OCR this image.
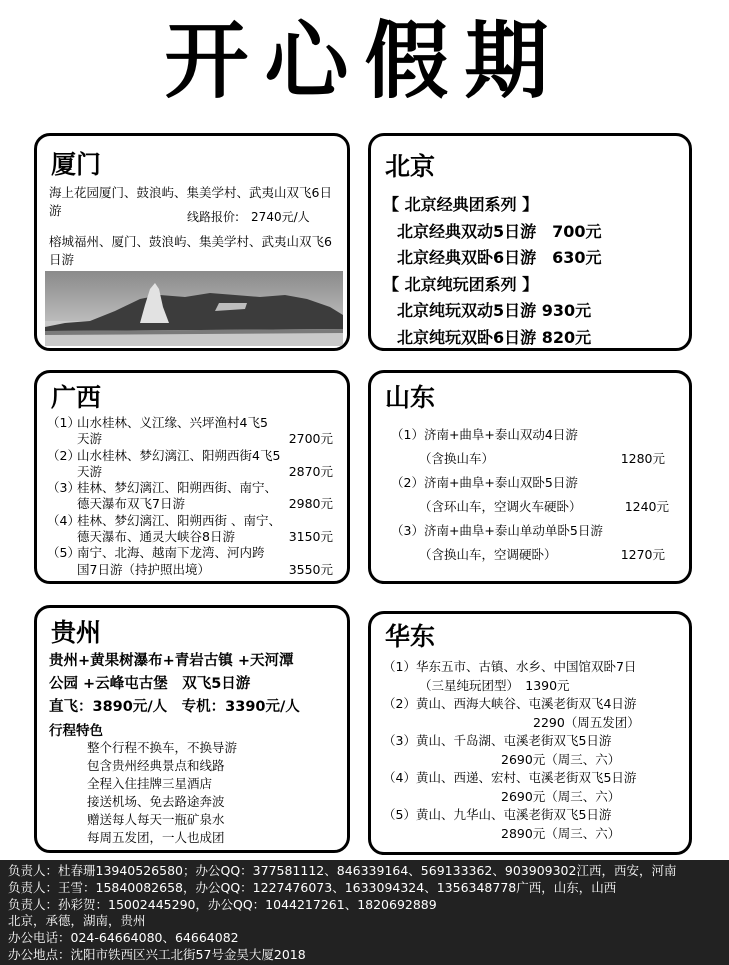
开心假期
厦门
海上花园厦门、鼓浪屿、集美学村、武夷山双飞6日游	线路报价:　2740元/人
榕城福州、厦门、鼓浪屿、集美学村、武夷山双飞6日游
北京
【 北京经典团系列 】
北京经典双动5日游　700元
北京经典双卧6日游　630元
【 北京纯玩团系列 】
北京纯玩双动5日游 930元
北京纯玩双卧6日游 820元
广西
（1）山水桂林、义江缘、兴坪渔村4飞5
天游	2700元
（2）山水桂林、梦幻漓江、阳朔西街4飞5
天游	2870元
（3）桂林、梦幻漓江、阳朔西街、南宁、
德天瀑布双飞7日游	2980元
（4）桂林、梦幻漓江、阳朔西街 、南宁、
德天瀑布、通灵大峡谷8日游	3150元
（5）南宁、北海、越南下龙湾、河内跨
国7日游（持护照出境）	3550元
山东
（1）济南+曲阜+泰山双动4日游
（含换山车）	1280元
（2）济南+曲阜+泰山双卧5日游
（含环山车，空调火车硬卧）	1240元
（3）济南+曲阜+泰山单动单卧5日游
（含换山车，空调硬卧）	1270元
贵州
贵州+黄果树瀑布+青岩古镇 +天河潭
公园 +云峰屯古堡　双飞5日游
直飞：3890元/人　专机：3390元/人
行程特色
整个行程不换车，不换导游
包含贵州经典景点和线路
全程入住挂牌三星酒店
接送机场、免去路途奔波
赠送每人每天一瓶矿泉水
每周五发团，一人也成团
华东
（1）华东五市、古镇、水乡、中国馆双卧7日
（三星纯玩团型）　1390元
（2）黄山、西海大峡谷、屯溪老街双飞4日游
2290（周五发团）
（3）黄山、千岛湖、屯溪老街双飞5日游
2690元（周三、六）
（4）黄山、西递、宏村、屯溪老街双飞5日游
2690元（周三、六）
（5）黄山、九华山、屯溪老街双飞5日游
2890元（周三、六）
负责人：杜春珊13940526580；办公QQ：377581112、846339164、569133362、903909302江西，西安，河南
负责人：王雪：15840082658，办公QQ：1227476073、1633094324、1356348778广西，山东，山西
负责人：孙彩贺：15002445290，办公QQ：1044217261、1820692889
北京，承德，湖南，贵州
办公电话：024-64664080、64664082
办公地点：沈阳市铁西区兴工北街57号金昊大厦2018
